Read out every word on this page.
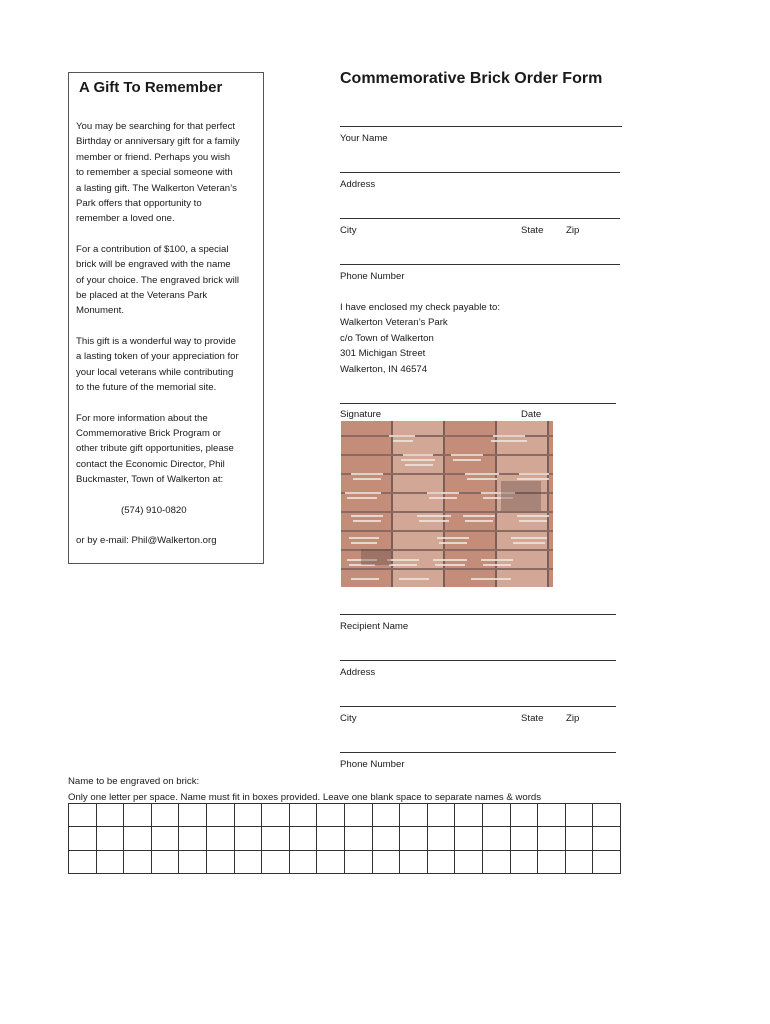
A Gift To Remember

You may be searching for that perfect
Birthday or anniversary gift for a family
member or friend. Perhaps you wish
to remember a special someone with
a lasting gift. The Walkerton Veteran’s
Park offers that opportunity to
remember a loved one.

For a contribution of $100, a special
brick will be engraved with the name
of your choice. The engraved brick will
be placed at the Veterans Park
Monument.

This gift is a wonderful way to provide
a lasting token of your appreciation for
your local veterans while contributing
to the future of the memorial site.

For more information about the
Commemorative Brick Program or
other tribute gift opportunities, please
contact the Economic Director, Phil
Buckmaster, Town of Walkerton at:

(574) 910-0820
or by e-mail: Phil@Walkerton.org
Commemorative Brick Order Form
Your Name
Address
City	State Zip
Phone Number
I have enclosed my check payable to:
Walkerton Veteran’s Park
c/o Town of Walkerton
301 Michigan Street
Walkerton, IN 46574
Signature	Date
Recipient Name
Address
City	State Zip
Phone Number
Name to be engraved on brick:
Only one letter per space. Name must fit in boxes provided. Leave one blank space to separate names & words
